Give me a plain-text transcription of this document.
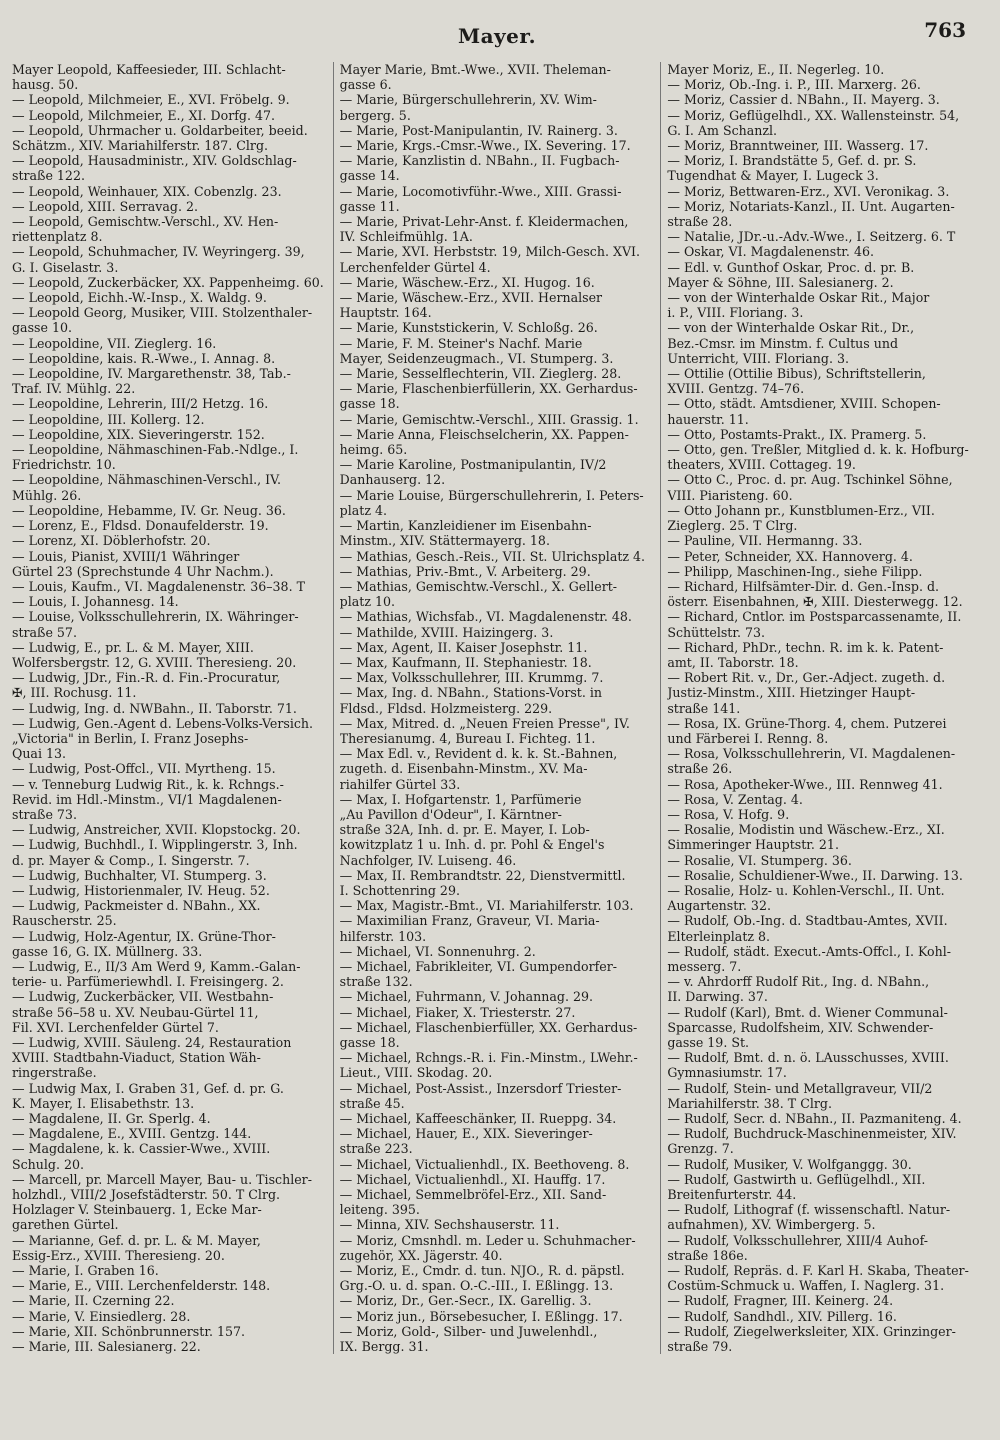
Mayer.	763
Mayer Leopold, Kaffeesieder, III. Schlacht-
hausg. 50.
— Leopold, Milchmeier, E., XVI. Fröbelg. 9.
— Leopold, Milchmeier, E., XI. Dorfg. 47.
— Leopold, Uhrmacher u. Goldarbeiter, beeid.
Schätzm., XIV. Mariahilferstr. 187. Clrg.
— Leopold, Hausadministr., XIV. Goldschlag-
straße 122.
— Leopold, Weinhauer, XIX. Cobenzlg. 23.
— Leopold, XIII. Serravag. 2.
— Leopold, Gemischtw.-Verschl., XV. Hen-
riettenplatz 8.
— Leopold, Schuhmacher, IV. Weyringerg. 39,
G. I. Giselastr. 3.
— Leopold, Zuckerbäcker, XX. Pappenheimg. 60.
— Leopold, Eichh.-W.-Insp., X. Waldg. 9.
— Leopold Georg, Musiker, VIII. Stolzenthaler-
gasse 10.
— Leopoldine, VII. Zieglerg. 16.
— Leopoldine, kais. R.-Wwe., I. Annag. 8.
— Leopoldine, IV. Margarethenstr. 38, Tab.-
Traf. IV. Mühlg. 22.
— Leopoldine, Lehrerin, III/2 Hetzg. 16.
— Leopoldine, III. Kollerg. 12.
— Leopoldine, XIX. Sieveringerstr. 152.
— Leopoldine, Nähmaschinen-Fab.-Ndlge., I.
Friedrichstr. 10.
— Leopoldine, Nähmaschinen-Verschl., IV.
Mühlg. 26.
— Leopoldine, Hebamme, IV. Gr. Neug. 36.
— Lorenz, E., Fldsd. Donaufelderstr. 19.
— Lorenz, XI. Döblerhofstr. 20.
— Louis, Pianist, XVIII/1 Währinger
Gürtel 23 (Sprechstunde 4 Uhr Nachm.).
— Louis, Kaufm., VI. Magdalenenstr. 36–38. T
— Louis, I. Johannesg. 14.
— Louise, Volksschullehrerin, IX. Währinger-
straße 57.
— Ludwig, E., pr. L. & M. Mayer, XIII.
Wolfersbergstr. 12, G. XVIII. Theresieng. 20.
— Ludwig, JDr., Fin.-R. d. Fin.-Procuratur,
✠, III. Rochusg. 11.
— Ludwig, Ing. d. NWBahn., II. Taborstr. 71.
— Ludwig, Gen.-Agent d. Lebens-Volks-Versich.
„Victoria" in Berlin, I. Franz Josephs-
Quai 13.
— Ludwig, Post-Offcl., VII. Myrtheng. 15.
— v. Tenneburg Ludwig Rit., k. k. Rchngs.-
Revid. im Hdl.-Minstm., VI/1 Magdalenen-
straße 73.
— Ludwig, Anstreicher, XVII. Klopstockg. 20.
— Ludwig, Buchhdl., I. Wipplingerstr. 3, Inh.
d. pr. Mayer & Comp., I. Singerstr. 7.
— Ludwig, Buchhalter, VI. Stumperg. 3.
— Ludwig, Historienmaler, IV. Heug. 52.
— Ludwig, Packmeister d. NBahn., XX.
Rauscherstr. 25.
— Ludwig, Holz-Agentur, IX. Grüne-Thor-
gasse 16, G. IX. Müllnerg. 33.
— Ludwig, E., II/3 Am Werd 9, Kamm.-Galan-
terie- u. Parfümeriewhdl. I. Freisingerg. 2.
— Ludwig, Zuckerbäcker, VII. Westbahn-
straße 56–58 u. XV. Neubau-Gürtel 11,
Fil. XVI. Lerchenfelder Gürtel 7.
— Ludwig, XVIII. Säuleng. 24, Restauration
XVIII. Stadtbahn-Viaduct, Station Wäh-
ringerstraße.
— Ludwig Max, I. Graben 31, Gef. d. pr. G.
K. Mayer, I. Elisabethstr. 13.
— Magdalene, II. Gr. Sperlg. 4.
— Magdalene, E., XVIII. Gentzg. 144.
— Magdalene, k. k. Cassier-Wwe., XVIII.
Schulg. 20.
— Marcell, pr. Marcell Mayer, Bau- u. Tischler-
holzhdl., VIII/2 Josefstädterstr. 50. T Clrg.
Holzlager V. Steinbauerg. 1, Ecke Mar-
garethen Gürtel.
— Marianne, Gef. d. pr. L. & M. Mayer,
Essig-Erz., XVIII. Theresieng. 20.
— Marie, I. Graben 16.
— Marie, E., VIII. Lerchenfelderstr. 148.
— Marie, II. Czerning 22.
— Marie, V. Einsiedlerg. 28.
— Marie, XII. Schönbrunnerstr. 157.
— Marie, III. Salesianerg. 22.
Mayer Marie, Bmt.-Wwe., XVII. Theleman-
gasse 6.
— Marie, Bürgerschullehrerin, XV. Wim-
bergerg. 5.
— Marie, Post-Manipulantin, IV. Rainerg. 3.
— Marie, Krgs.-Cmsr.-Wwe., IX. Severing. 17.
— Marie, Kanzlistin d. NBahn., II. Fugbach-
gasse 14.
— Marie, Locomotivführ.-Wwe., XIII. Grassi-
gasse 11.
— Marie, Privat-Lehr-Anst. f. Kleidermachen,
IV. Schleifmühlg. 1A.
— Marie, XVI. Herbststr. 19, Milch-Gesch. XVI.
Lerchenfelder Gürtel 4.
— Marie, Wäschew.-Erz., XI. Hugog. 16.
— Marie, Wäschew.-Erz., XVII. Hernalser
Hauptstr. 164.
— Marie, Kunststickerin, V. Schloßg. 26.
— Marie, F. M. Steiner's Nachf. Marie
Mayer, Seidenzeugmach., VI. Stumperg. 3.
— Marie, Sesselflechterin, VII. Zieglerg. 28.
— Marie, Flaschenbierfüllerin, XX. Gerhardus-
gasse 18.
— Marie, Gemischtw.-Verschl., XIII. Grassig. 1.
— Marie Anna, Fleischselcherin, XX. Pappen-
heimg. 65.
— Marie Karoline, Postmanipulantin, IV/2
Danhauserg. 12.
— Marie Louise, Bürgerschullehrerin, I. Peters-
platz 4.
— Martin, Kanzleidiener im Eisenbahn-
Minstm., XIV. Stättermayerg. 18.
— Mathias, Gesch.-Reis., VII. St. Ulrichsplatz 4.
— Mathias, Priv.-Bmt., V. Arbeiterg. 29.
— Mathias, Gemischtw.-Verschl., X. Gellert-
platz 10.
— Mathias, Wichsfab., VI. Magdalenenstr. 48.
— Mathilde, XVIII. Haizingerg. 3.
— Max, Agent, II. Kaiser Josephstr. 11.
— Max, Kaufmann, II. Stephaniestr. 18.
— Max, Volksschullehrer, III. Krummg. 7.
— Max, Ing. d. NBahn., Stations-Vorst. in
Fldsd., Fldsd. Holzmeisterg. 229.
— Max, Mitred. d. „Neuen Freien Presse", IV.
Theresianumg. 4, Bureau I. Fichteg. 11.
— Max Edl. v., Revident d. k. k. St.-Bahnen,
zugeth. d. Eisenbahn-Minstm., XV. Ma-
riahilfer Gürtel 33.
— Max, I. Hofgartenstr. 1, Parfümerie
„Au Pavillon d'Odeur", I. Kärntner-
straße 32A, Inh. d. pr. E. Mayer, I. Lob-
kowitzplatz 1 u. Inh. d. pr. Pohl & Engel's
Nachfolger, IV. Luiseng. 46.
— Max, II. Rembrandtstr. 22, Dienstvermittl.
I. Schottenring 29.
— Max, Magistr.-Bmt., VI. Mariahilferstr. 103.
— Maximilian Franz, Graveur, VI. Maria-
hilferstr. 103.
— Michael, VI. Sonnenuhrg. 2.
— Michael, Fabrikleiter, VI. Gumpendorfer-
straße 132.
— Michael, Fuhrmann, V. Johannag. 29.
— Michael, Fiaker, X. Triesterstr. 27.
— Michael, Flaschenbierfüller, XX. Gerhardus-
gasse 18.
— Michael, Rchngs.-R. i. Fin.-Minstm., LWehr.-
Lieut., VIII. Skodag. 20.
— Michael, Post-Assist., Inzersdorf Triester-
straße 45.
— Michael, Kaffeeschänker, II. Rueppg. 34.
— Michael, Hauer, E., XIX. Sieveringer-
straße 223.
— Michael, Victualienhdl., IX. Beethoveng. 8.
— Michael, Victualienhdl., XI. Hauffg. 17.
— Michael, Semmelbröfel-Erz., XII. Sand-
leiteng. 395.
— Minna, XIV. Sechshauserstr. 11.
— Moriz, Cmsnhdl. m. Leder u. Schuhmacher-
zugehör, XX. Jägerstr. 40.
— Moriz, E., Cmdr. d. tun. NJO., R. d. päpstl.
Grg.-O. u. d. span. O.-C.-III., I. Eßlingg. 13.
— Moriz, Dr., Ger.-Secr., IX. Garellig. 3.
— Moriz jun., Börsebesucher, I. Eßlingg. 17.
— Moriz, Gold-, Silber- und Juwelenhdl.,
IX. Bergg. 31.
Mayer Moriz, E., II. Negerleg. 10.
— Moriz, Ob.-Ing. i. P., III. Marxerg. 26.
— Moriz, Cassier d. NBahn., II. Mayerg. 3.
— Moriz, Geflügelhdl., XX. Wallensteinstr. 54,
G. I. Am Schanzl.
— Moriz, Branntweiner, III. Wasserg. 17.
— Moriz, I. Brandstätte 5, Gef. d. pr. S.
Tugendhat & Mayer, I. Lugeck 3.
— Moriz, Bettwaren-Erz., XVI. Veronikag. 3.
— Moriz, Notariats-Kanzl., II. Unt. Augarten-
straße 28.
— Natalie, JDr.-u.-Adv.-Wwe., I. Seitzerg. 6. T
— Oskar, VI. Magdalenenstr. 46.
— Edl. v. Gunthof Oskar, Proc. d. pr. B.
Mayer & Söhne, III. Salesianerg. 2.
— von der Winterhalde Oskar Rit., Major
i. P., VIII. Floriang. 3.
— von der Winterhalde Oskar Rit., Dr.,
Bez.-Cmsr. im Minstm. f. Cultus und
Unterricht, VIII. Floriang. 3.
— Ottilie (Ottilie Bibus), Schriftstellerin,
XVIII. Gentzg. 74–76.
— Otto, städt. Amtsdiener, XVIII. Schopen-
hauerstr. 11.
— Otto, Postamts-Prakt., IX. Pramerg. 5.
— Otto, gen. Treßler, Mitglied d. k. k. Hofburg-
theaters, XVIII. Cottageg. 19.
— Otto C., Proc. d. pr. Aug. Tschinkel Söhne,
VIII. Piaristeng. 60.
— Otto Johann pr., Kunstblumen-Erz., VII.
Zieglerg. 25. T Clrg.
— Pauline, VII. Hermanng. 33.
— Peter, Schneider, XX. Hannoverg. 4.
— Philipp, Maschinen-Ing., siehe Filipp.
— Richard, Hilfsämter-Dir. d. Gen.-Insp. d.
österr. Eisenbahnen, ✠, XIII. Diesterwegg. 12.
— Richard, Cntlor. im Postsparcassenamte, II.
Schüttelstr. 73.
— Richard, PhDr., techn. R. im k. k. Patent-
amt, II. Taborstr. 18.
— Robert Rit. v., Dr., Ger.-Adject. zugeth. d.
Justiz-Minstm., XIII. Hietzinger Haupt-
straße 141.
— Rosa, IX. Grüne-Thorg. 4, chem. Putzerei
und Färberei I. Renng. 8.
— Rosa, Volksschullehrerin, VI. Magdalenen-
straße 26.
— Rosa, Apotheker-Wwe., III. Rennweg 41.
— Rosa, V. Zentag. 4.
— Rosa, V. Hofg. 9.
— Rosalie, Modistin und Wäschew.-Erz., XI.
Simmeringer Hauptstr. 21.
— Rosalie, VI. Stumperg. 36.
— Rosalie, Schuldiener-Wwe., II. Darwing. 13.
— Rosalie, Holz- u. Kohlen-Verschl., II. Unt.
Augartenstr. 32.
— Rudolf, Ob.-Ing. d. Stadtbau-Amtes, XVII.
Elterleinplatz 8.
— Rudolf, städt. Execut.-Amts-Offcl., I. Kohl-
messerg. 7.
— v. Ahrdorff Rudolf Rit., Ing. d. NBahn.,
II. Darwing. 37.
— Rudolf (Karl), Bmt. d. Wiener Communal-
Sparcasse, Rudolfsheim, XIV. Schwender-
gasse 19. St.
— Rudolf, Bmt. d. n. ö. LAusschusses, XVIII.
Gymnasiumstr. 17.
— Rudolf, Stein- und Metallgraveur, VII/2
Mariahilferstr. 38. T Clrg.
— Rudolf, Secr. d. NBahn., II. Pazmaniteng. 4.
— Rudolf, Buchdruck-Maschinenmeister, XIV.
Grenzg. 7.
— Rudolf, Musiker, V. Wolfganggg. 30.
— Rudolf, Gastwirth u. Geflügelhdl., XII.
Breitenfurterstr. 44.
— Rudolf, Lithograf (f. wissenschaftl. Natur-
aufnahmen), XV. Wimbergerg. 5.
— Rudolf, Volksschullehrer, XIII/4 Auhof-
straße 186e.
— Rudolf, Repräs. d. F. Karl H. Skaba, Theater-
Costüm-Schmuck u. Waffen, I. Naglerg. 31.
— Rudolf, Fragner, III. Keinerg. 24.
— Rudolf, Sandhdl., XIV. Pillerg. 16.
— Rudolf, Ziegelwerksleiter, XIX. Grinzinger-
straße 79.
